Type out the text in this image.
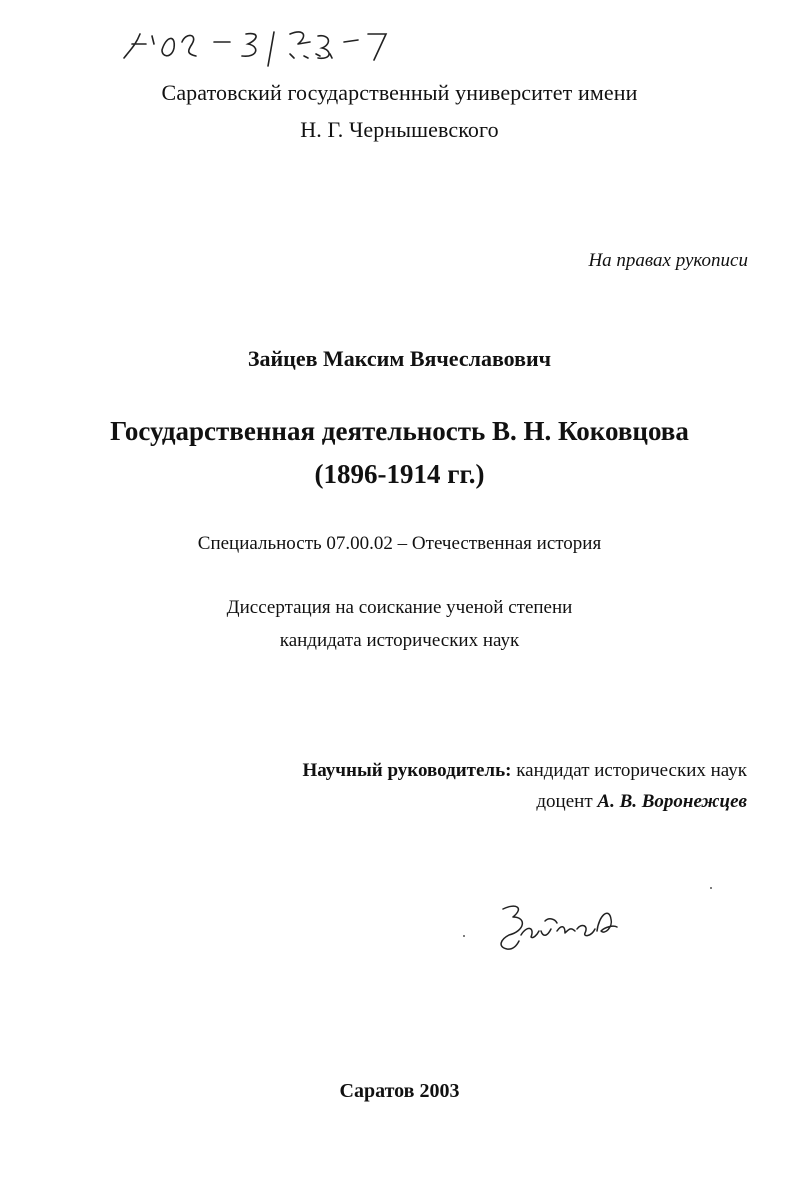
Саратовский государственный университет имени
Н. Г. Чернышевского
На правах рукописи
Зайцев Максим Вячеславович
Государственная деятельность В. Н. Коковцова
(1896-1914 гг.)
Специальность 07.00.02 – Отечественная история
Диссертация на соискание ученой степени
кандидата исторических наук
Научный руководитель: кандидат исторических наук
доцент А. В. Воронежцев
Саратов 2003
